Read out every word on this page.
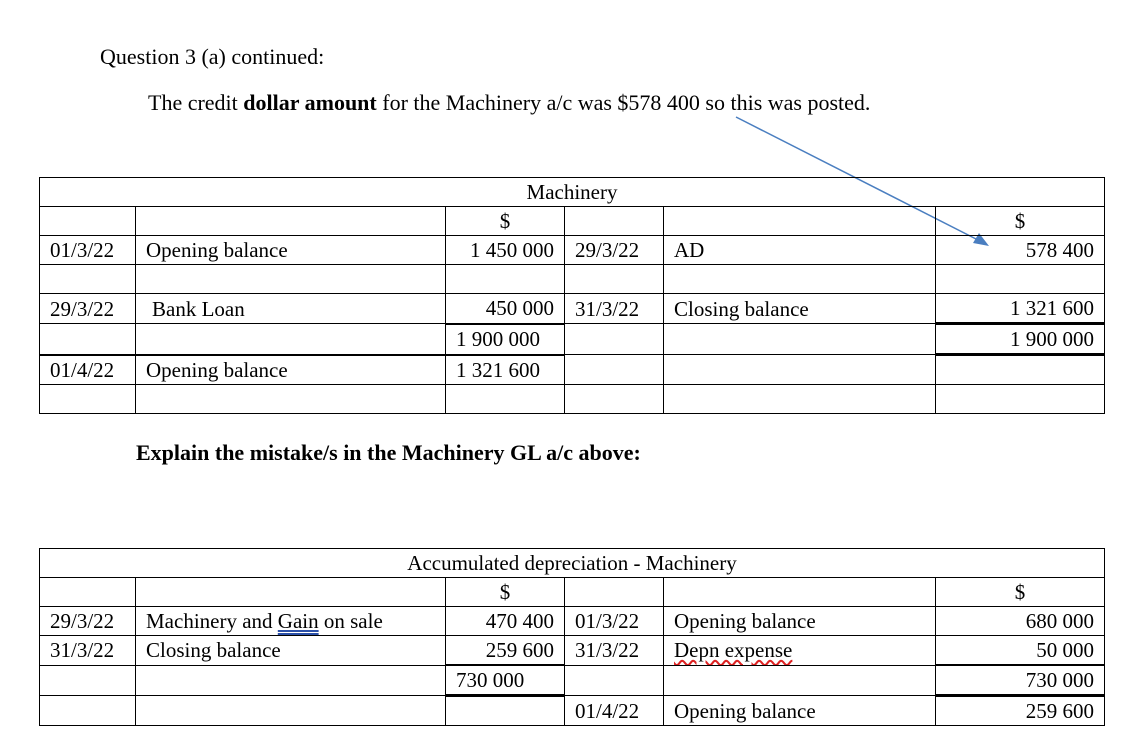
Question 3 (a) continued:
The credit dollar amount for the Machinery a/c was $578 400 so this was posted.
Machinery					
		$			$
01/3/22	Opening balance	1 450 000	29/3/22	AD	578 400

29/3/22	Bank Loan	450 000	31/3/22	Closing balance	1 321 600
		1 900 000			1 900 000
01/4/22	Opening balance	1 321 600			

Explain the mistake/s in the Machinery GL a/c above:
Accumulated depreciation - Machinery					
		$			$
29/3/22	Machinery and Gain on sale	470 400	01/3/22	Opening balance	680 000
31/3/22	Closing balance	259 600	31/3/22	Depn expense	50 000
		730 000			730 000
			01/4/22	Opening balance	259 600
